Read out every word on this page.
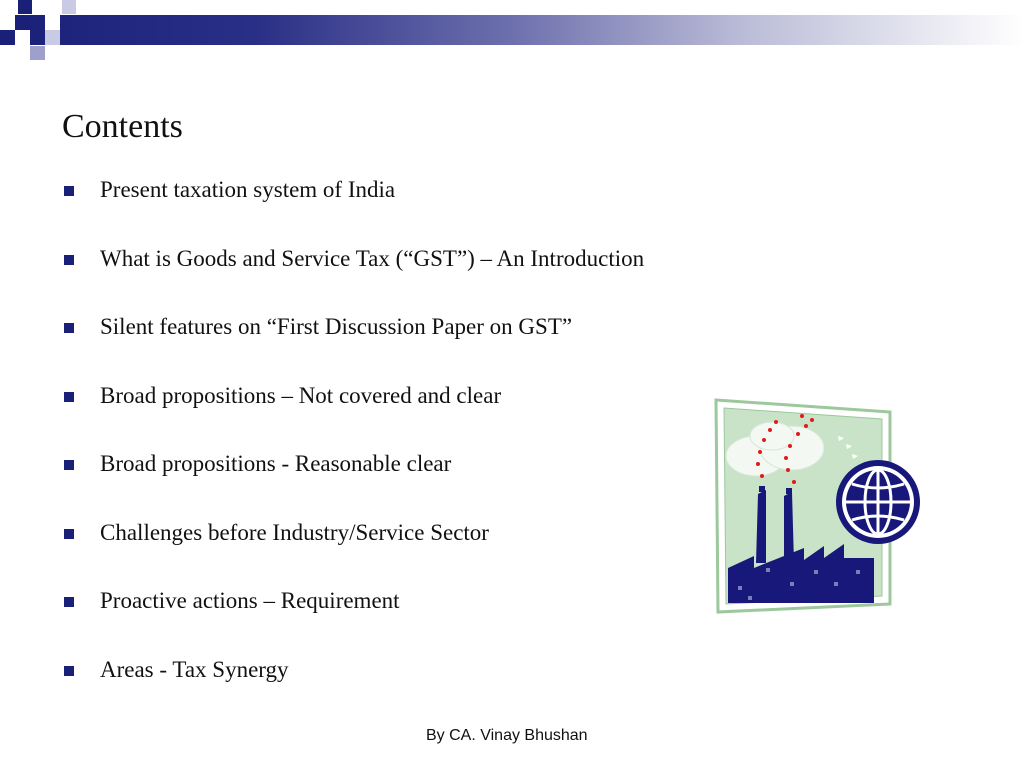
Contents
Present taxation system of India
What is Goods and Service Tax (“GST”) – An Introduction
Silent features on “First Discussion Paper on GST”
Broad propositions – Not covered and clear
Broad propositions - Reasonable clear
Challenges before Industry/Service Sector
Proactive actions – Requirement
Areas - Tax Synergy
By CA. Vinay Bhushan
